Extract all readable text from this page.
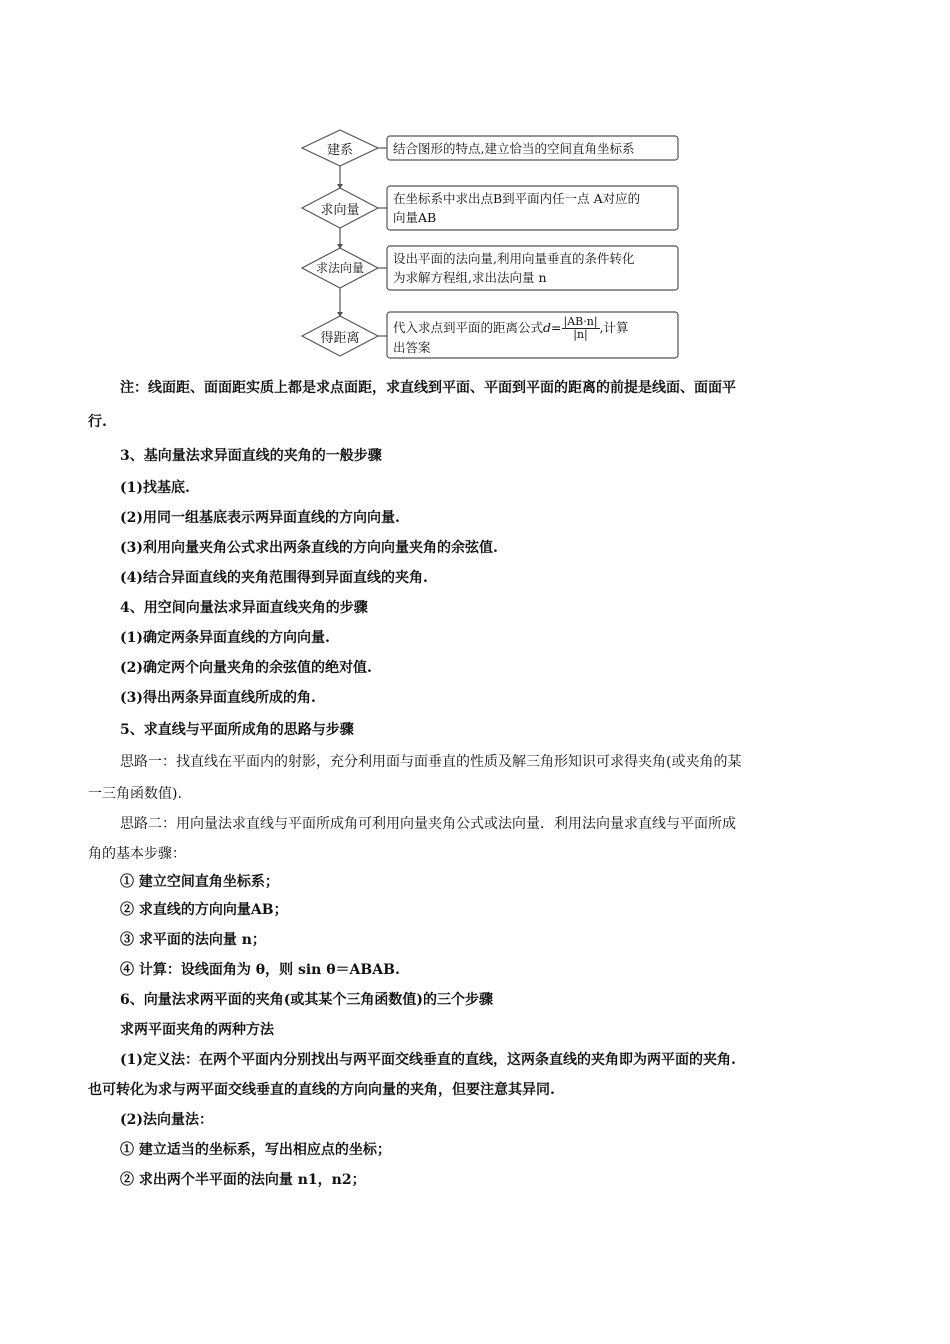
建系
求向量
求法向量
得距离
结合图形的特点,建立恰当的空间直角坐标系
在坐标系中求出点B到平面内任一点 A对应的
向量AB
设出平面的法向量,利用向量垂直的条件转化
为求解方程组,求出法向量 n
代入求点到平面的距离公式$d= \frac{|AB\cdot n|}{|n|}$ ,计算
出答案
注：线面距、面面距实质上都是求点面距，求直线到平面、平面到平面的距离的前提是线面、面面平
行.
3、基向量法求异面直线的夹角的一般步骤
(1)找基底.
(2)用同一组基底表示两异面直线的方向向量.
(3)利用向量夹角公式求出两条直线的方向向量夹角的余弦值.
(4)结合异面直线的夹角范围得到异面直线的夹角.
4、用空间向量法求异面直线夹角的步骤
(1)确定两条异面直线的方向向量.
(2)确定两个向量夹角的余弦值的绝对值.
(3)得出两条异面直线所成的角.
5、求直线与平面所成角的思路与步骤
思路一：找直线在平面内的射影，充分利用面与面垂直的性质及解三角形知识可求得夹角(或夹角的某
一三角函数值).
思路二：用向量法求直线与平面所成角可利用向量夹角公式或法向量．利用法向量求直线与平面所成
角的基本步骤：
① 建立空间直角坐标系；
② 求直线的方向向量AB；
③ 求平面的法向量 n；
④ 计算：设线面角为 θ，则 sin θ＝ABAB.
6、向量法求两平面的夹角(或其某个三角函数值)的三个步骤
求两平面夹角的两种方法
(1)定义法：在两个平面内分别找出与两平面交线垂直的直线，这两条直线的夹角即为两平面的夹角.
也可转化为求与两平面交线垂直的直线的方向向量的夹角，但要注意其异同.
(2)法向量法：
① 建立适当的坐标系，写出相应点的坐标；
② 求出两个半平面的法向量 n1，n2；
